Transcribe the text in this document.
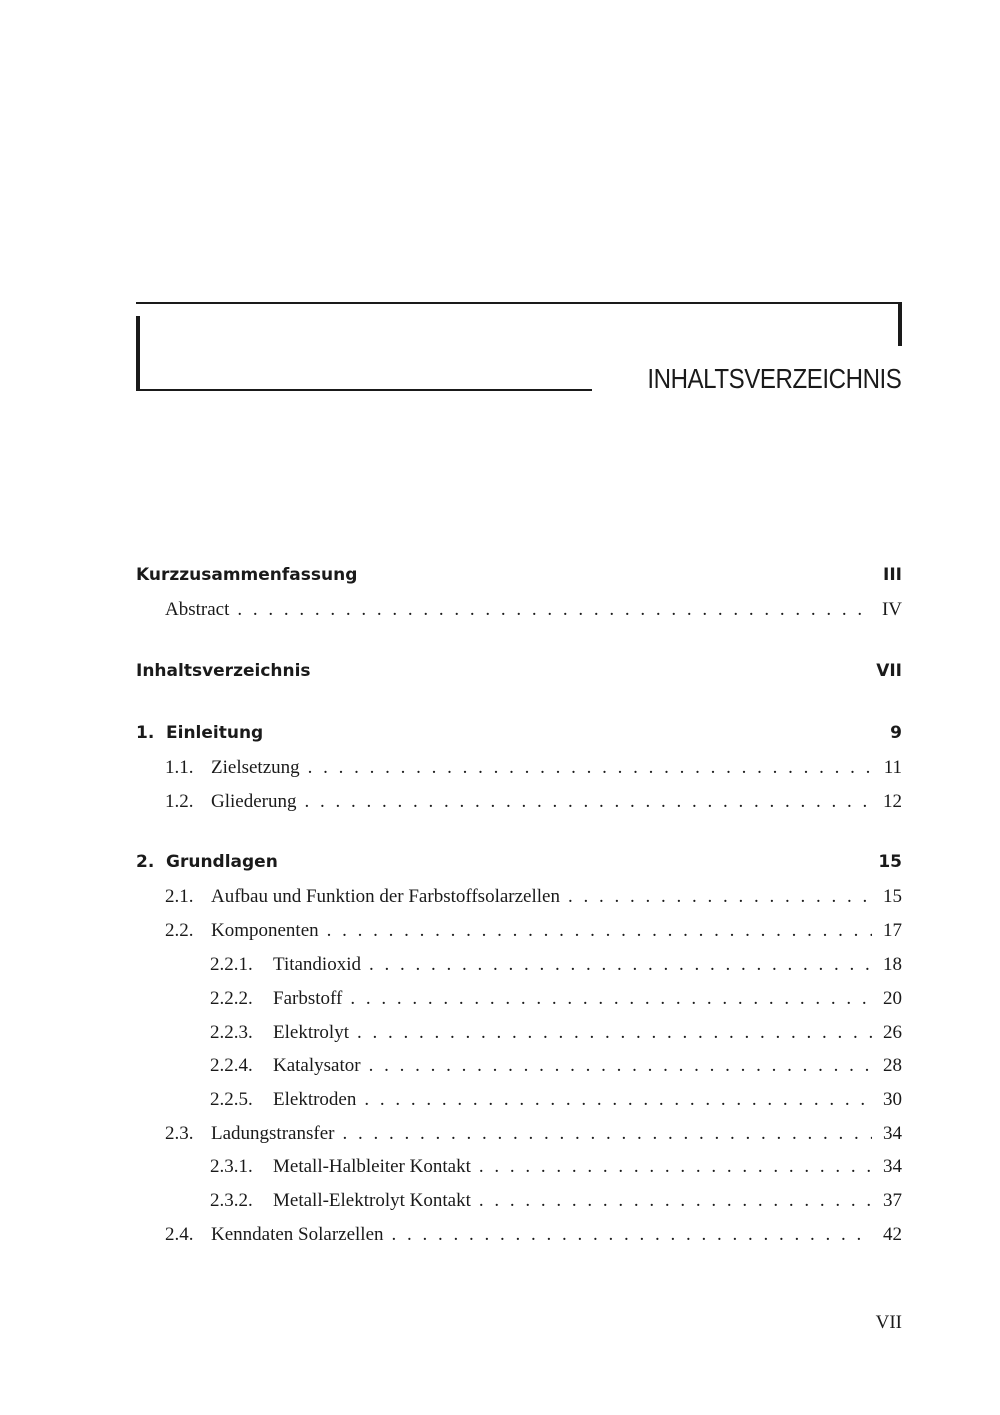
INHALTSVERZEICHNIS
Kurzzusammenfassung	III
Abstract . . .	IV
Inhaltsverzeichnis	VII
1. Einleitung	9
1.1. Zielsetzung . . .	11
1.2. Gliederung . . .	12
2. Grundlagen	15
2.1. Aufbau und Funktion der Farbstoffsolarzellen . . .	15
2.2. Komponenten . . .	17
2.2.1.	Titandioxid . . .	18
2.2.2.	Farbstoff . . .	20
2.2.3.	Elektrolyt . . .	26
2.2.4.	Katalysator . . .	28
2.2.5.	Elektroden . . .	30
2.3. Ladungstransfer . . .	34
2.3.1.	Metall-Halbleiter Kontakt . . .	34
2.3.2.	Metall-Elektrolyt Kontakt . . .	37
2.4. Kenndaten Solarzellen . . .	42
VII
